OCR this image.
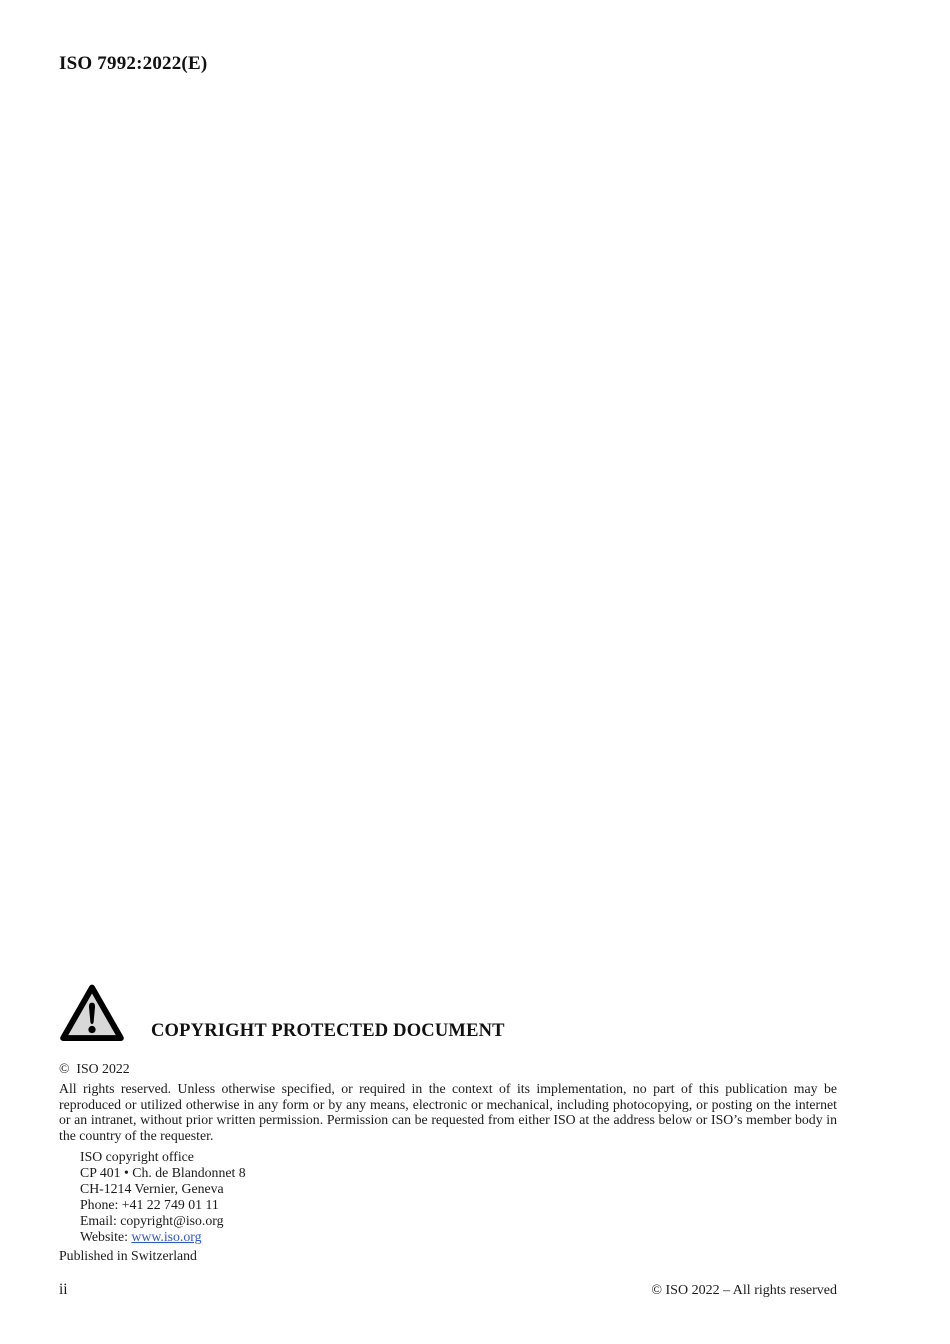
ISO 7992:2022(E)
COPYRIGHT PROTECTED DOCUMENT
©  ISO 2022
All rights reserved. Unless otherwise specified, or required in the context of its implementation, no part of this publication may be reproduced or utilized otherwise in any form or by any means, electronic or mechanical, including photocopying, or posting on the internet or an intranet, without prior written permission. Permission can be requested from either ISO at the address below or ISO’s member body in the country of the requester.
ISO copyright office
CP 401 • Ch. de Blandonnet 8
CH-1214 Vernier, Geneva
Phone: +41 22 749 01 11
Email: copyright@iso.org
Website: www.iso.org
Published in Switzerland
ii	© ISO 2022 – All rights reserved
